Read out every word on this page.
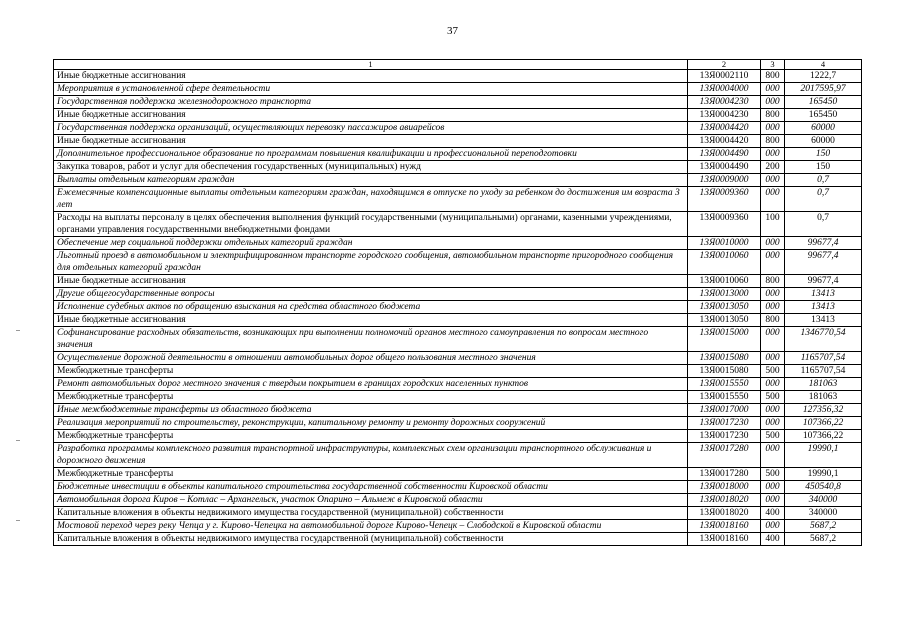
37
1	2	3	4
Иные бюджетные ассигнования	13Я0002110	800	1222,7
Мероприятия в установленной сфере деятельности	13Я0004000	000	2017595,97
Государственная поддержка железнодорожного транспорта	13Я0004230	000	165450
Иные бюджетные ассигнования	13Я0004230	800	165450
Государственная поддержка организаций, осуществляющих перевозку пассажиров авиарейсов	13Я0004420	000	60000
Иные бюджетные ассигнования	13Я0004420	800	60000
Дополнительное профессиональное образование по программам повышения квалификации и профессиональной переподготовки	13Я0004490	000	150
Закупка товаров, работ и услуг для обеспечения государственных (муниципальных) нужд	13Я0004490	200	150
Выплаты отдельным категориям граждан	13Я0009000	000	0,7
Ежемесячные компенсационные выплаты отдельным категориям граждан, находящимся в отпуске по уходу за ребенком до достижения им возраста 3 лет	13Я0009360	000	0,7
Расходы на выплаты персоналу в целях обеспечения выполнения функций государственными (муниципальными) органами, казенными учреждениями, органами управления государственными внебюджетными фондами	13Я0009360	100	0,7
Обеспечение мер социальной поддержки отдельных категорий граждан	13Я0010000	000	99677,4
Льготный проезд в автомобильном и электрифицированном транспорте городского сообщения, автомобильном транспорте пригородного сообщения для отдельных категорий граждан	13Я0010060	000	99677,4
Иные бюджетные ассигнования	13Я0010060	800	99677,4
Другие общегосударственные вопросы	13Я0013000	000	13413
Исполнение судебных актов по обращению взыскания на средства областного бюджета	13Я0013050	000	13413
Иные бюджетные ассигнования	13Я0013050	800	13413
Софинансирование расходных обязательств, возникающих при выполнении полномочий органов местного самоуправления по вопросам местного значения	13Я0015000	000	1346770,54
Осуществление дорожной деятельности в отношении автомобильных дорог общего пользования местного значения	13Я0015080	000	1165707,54
Межбюджетные трансферты	13Я0015080	500	1165707,54
Ремонт автомобильных дорог местного значения с твердым покрытием в границах городских населенных пунктов	13Я0015550	000	181063
Межбюджетные трансферты	13Я0015550	500	181063
Иные межбюджетные трансферты из областного бюджета	13Я0017000	000	127356,32
Реализация мероприятий по строительству, реконструкции, капитальному ремонту и ремонту дорожных сооружений	13Я0017230	000	107366,22
Межбюджетные трансферты	13Я0017230	500	107366,22
Разработка программы комплексного развития транспортной инфраструктуры, комплексных схем организации транспортного обслуживания и дорожного движения	13Я0017280	000	19990,1
Межбюджетные трансферты	13Я0017280	500	19990,1
Бюджетные инвестиции в объекты капитального строительства государственной собственности Кировской области	13Я0018000	000	450540,8
Автомобильная дорога Киров – Котлас – Архангельск, участок Опарино – Альмеж в Кировской области	13Я0018020	000	340000
Капитальные вложения в объекты недвижимого имущества государственной (муниципальной) собственности	13Я0018020	400	340000
Мостовой переход через реку Чепца у г. Кирово-Чепецка на автомобильной дороге Кирово-Чепецк – Слободской в Кировской области	13Я0018160	000	5687,2
Капитальные вложения в объекты недвижимого имущества государственной (муниципальной) собственности	13Я0018160	400	5687,2
